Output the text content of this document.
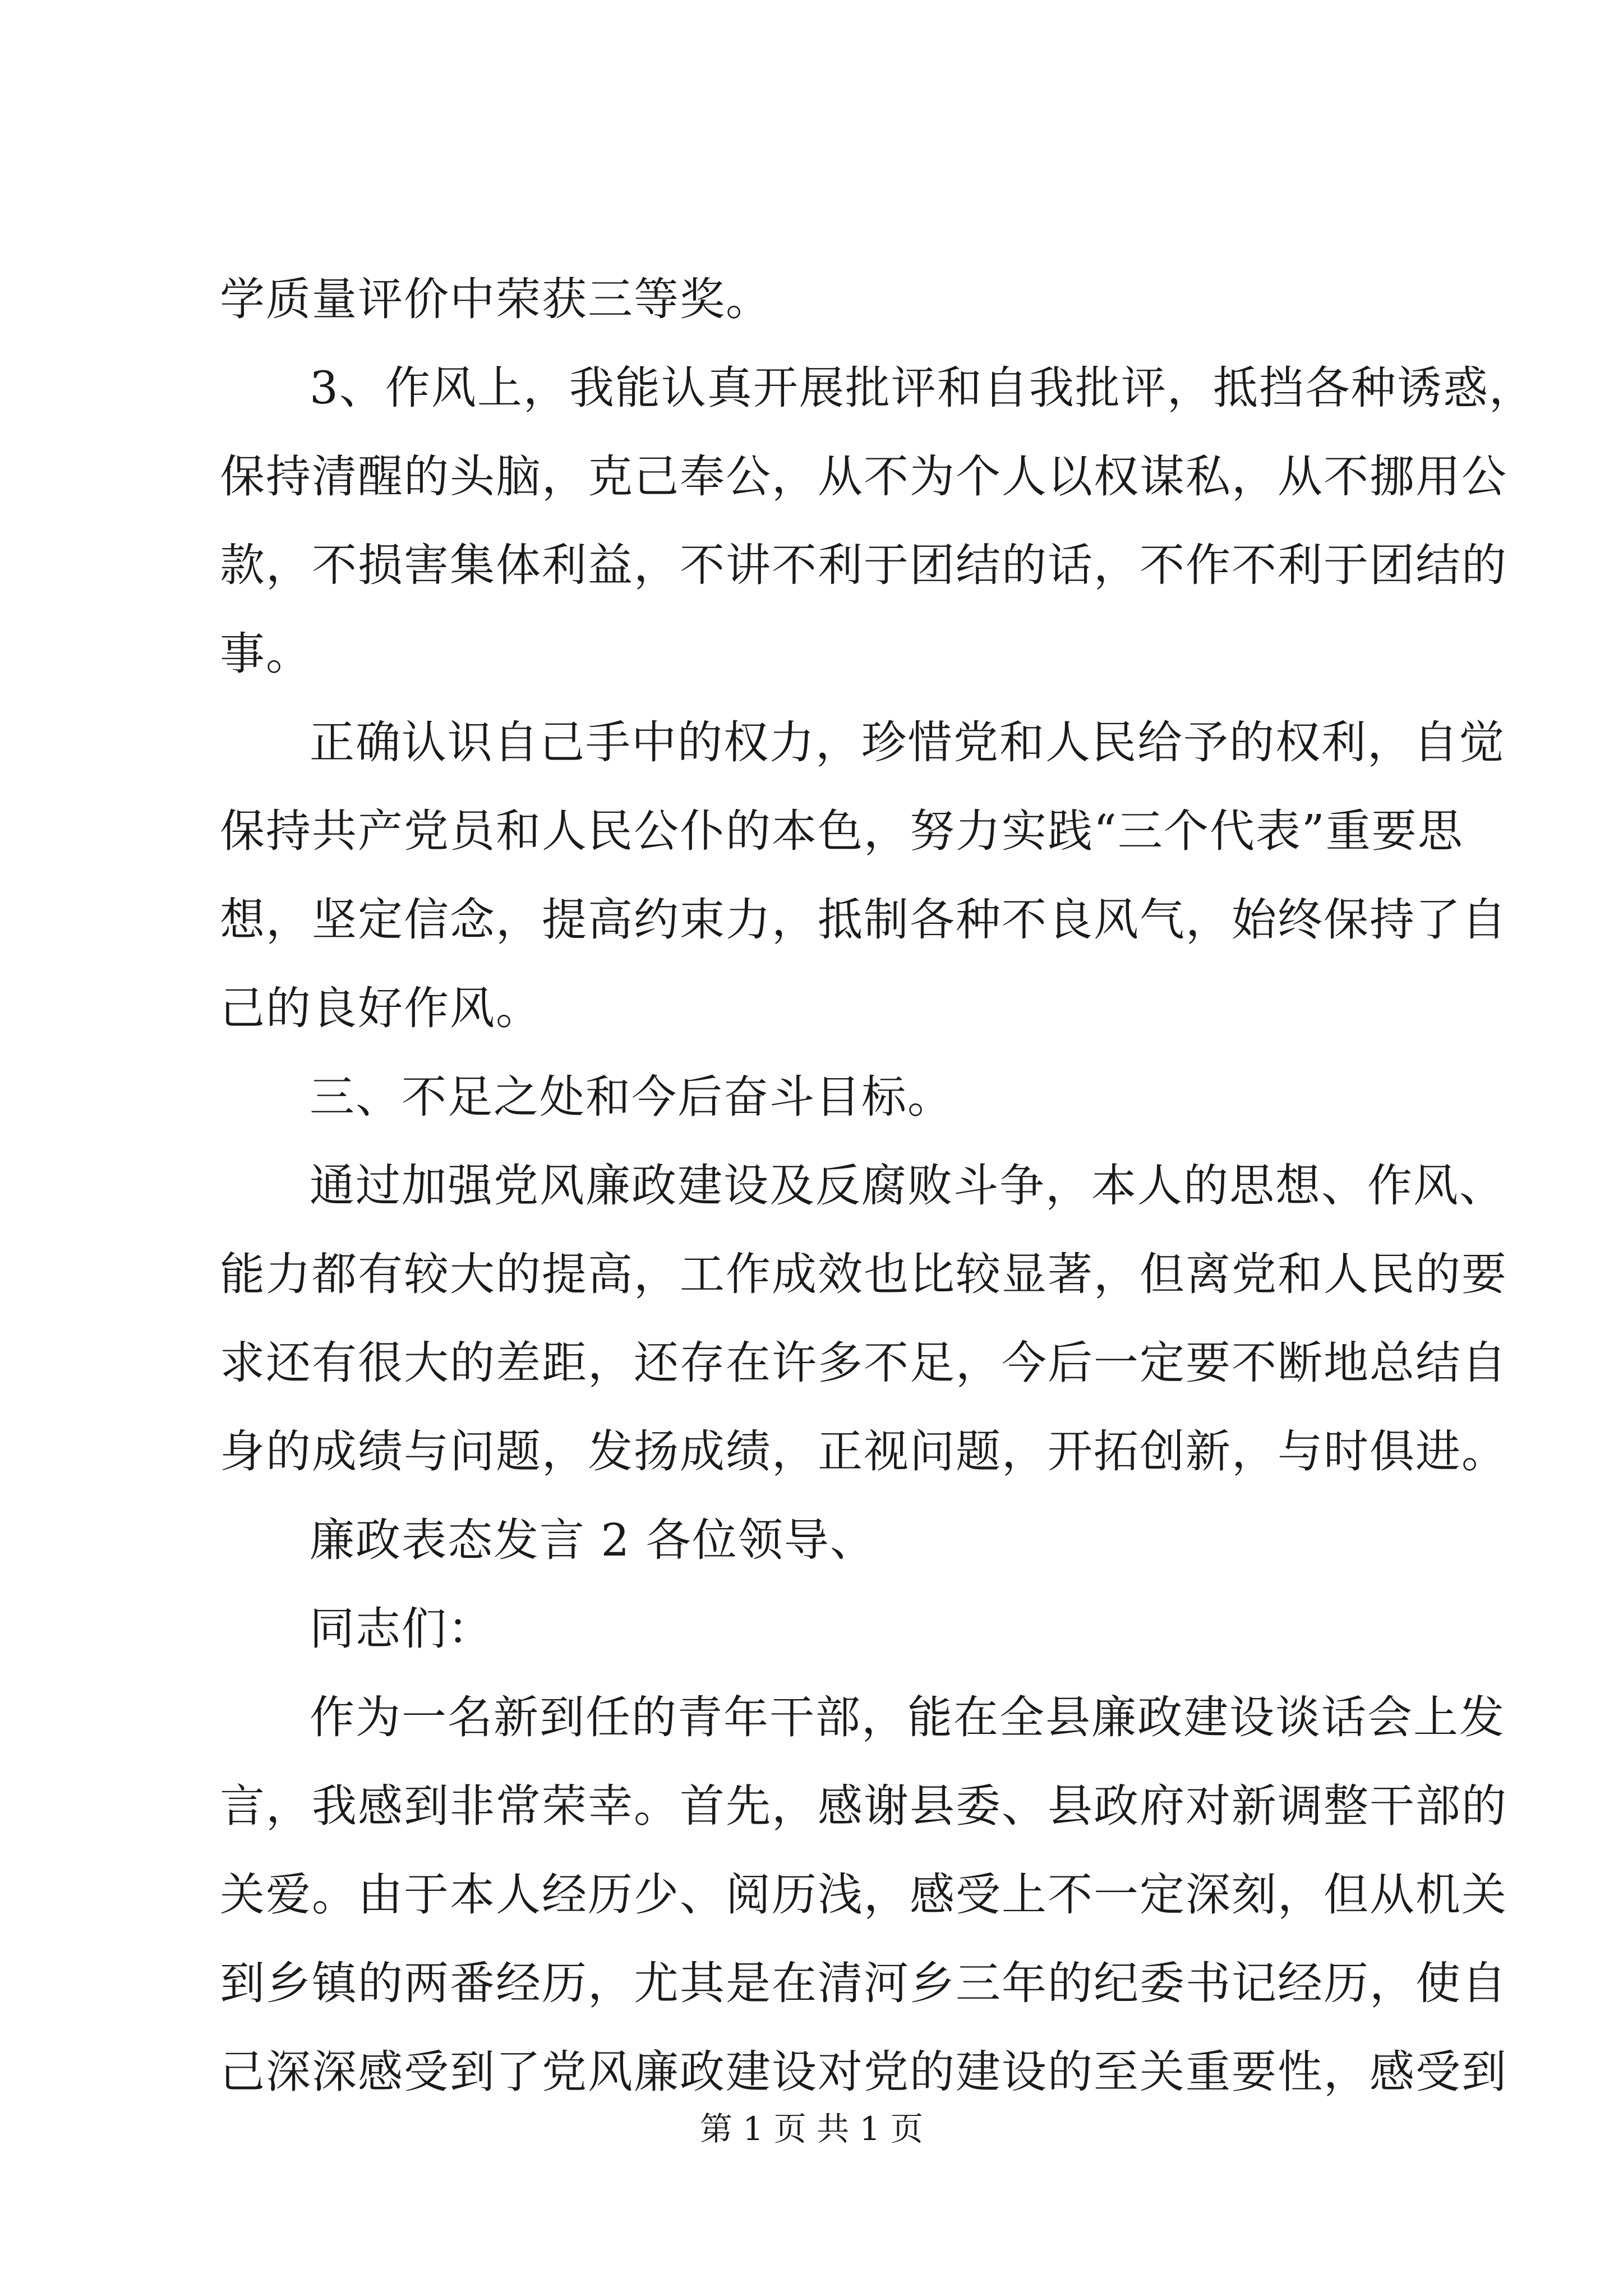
学质量评价中荣获三等奖。
3、作风上，我能认真开展批评和自我批评，抵挡各种诱惑，
保持清醒的头脑，克己奉公，从不为个人以权谋私，从不挪用公
款，不损害集体利益，不讲不利于团结的话，不作不利于团结的
事。
正确认识自己手中的权力，珍惜党和人民给予的权利，自觉
保持共产党员和人民公仆的本色，努力实践“三个代表”重要思
想，坚定信念，提高约束力，抵制各种不良风气，始终保持了自
己的良好作风。
三、不足之处和今后奋斗目标。
通过加强党风廉政建设及反腐败斗争，本人的思想、作风、
能力都有较大的提高，工作成效也比较显著，但离党和人民的要
求还有很大的差距，还存在许多不足，今后一定要不断地总结自
身的成绩与问题，发扬成绩，正视问题，开拓创新，与时俱进。
廉政表态发言 2 各位领导、
同志们：
作为一名新到任的青年干部，能在全县廉政建设谈话会上发
言，我感到非常荣幸。首先，感谢县委、县政府对新调整干部的
关爱。由于本人经历少、阅历浅，感受上不一定深刻，但从机关
到乡镇的两番经历，尤其是在清河乡三年的纪委书记经历，使自
己深深感受到了党风廉政建设对党的建设的至关重要性，感受到
第 1 页 共 1 页
